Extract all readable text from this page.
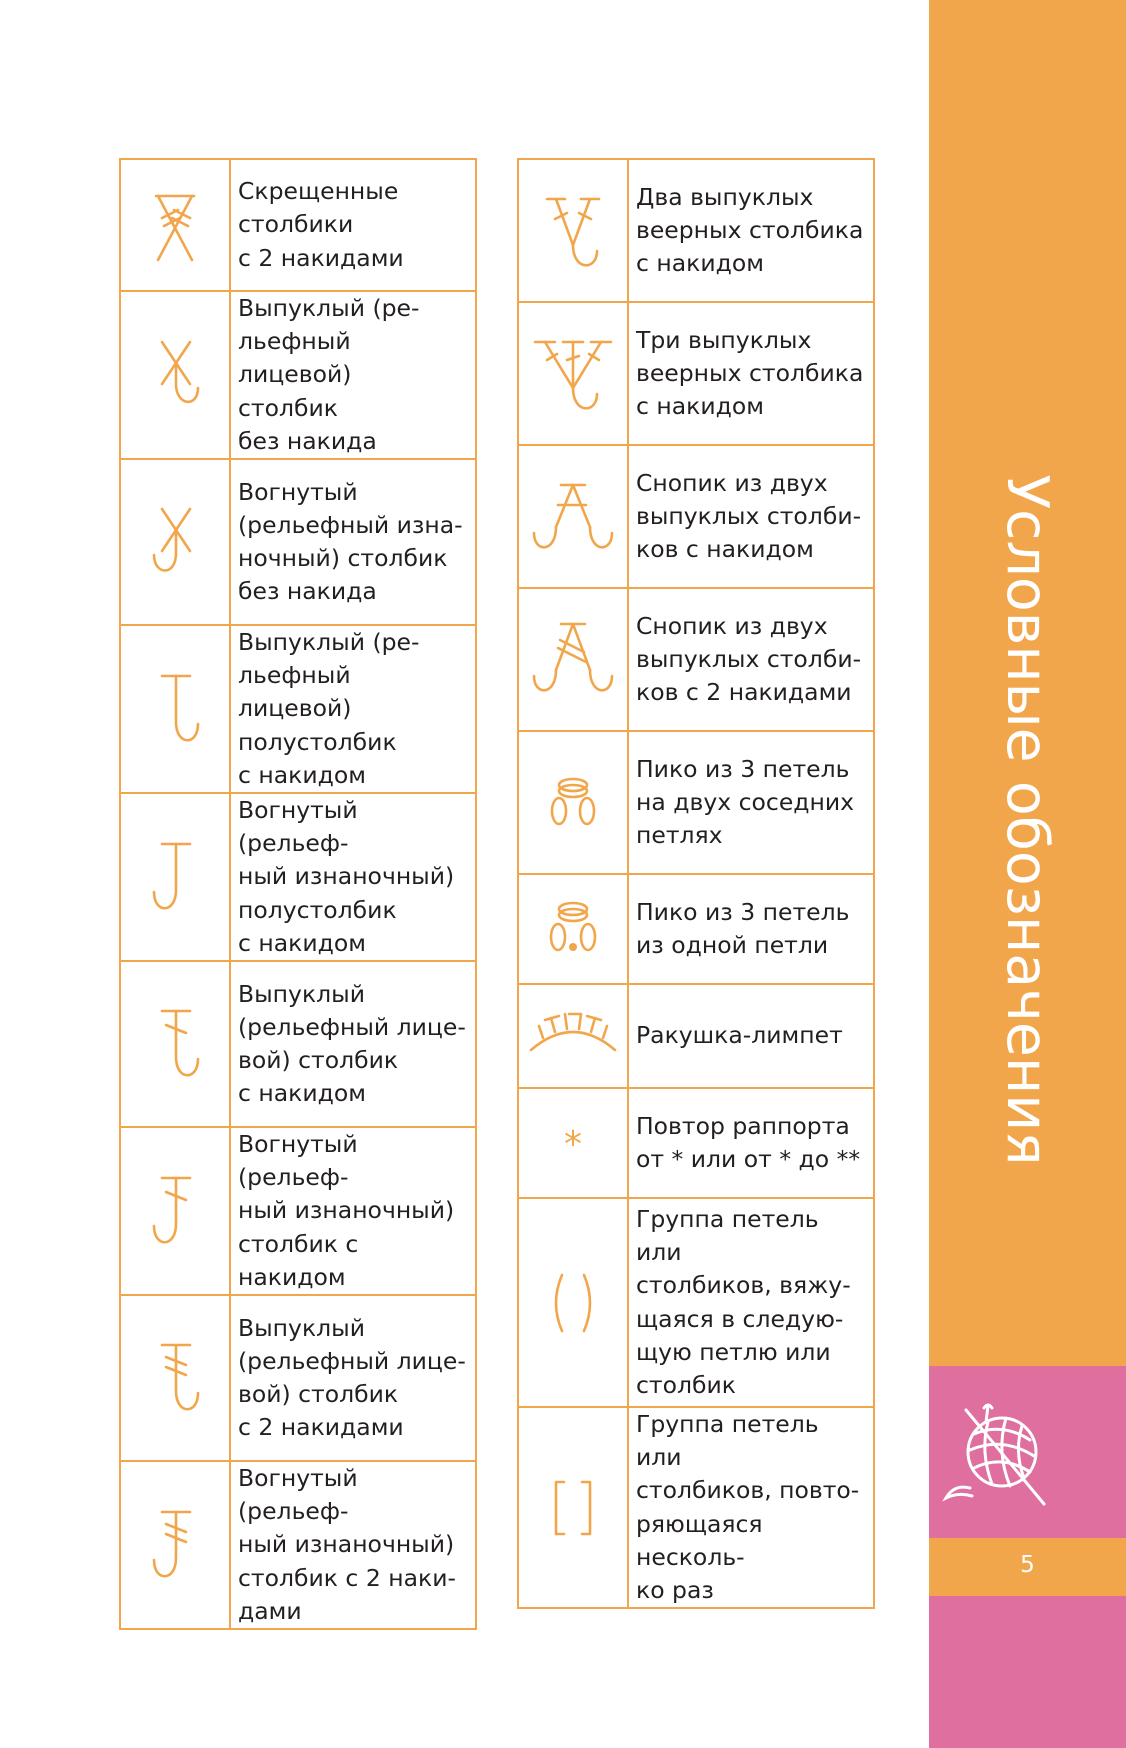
	Скрещенные
столбики
с 2 накидами

	Выпуклый (ре-
льефный лицевой)
столбик
без накида

	Вогнутый
(рельефный изна-
ночный) столбик
без накида

	Выпуклый (ре-
льефный лицевой)
полустолбик
с накидом

	Вогнутый (рельеф-
ный изнаночный)
полустолбик
с накидом

	Выпуклый
(рельефный лице-
вой) столбик
с накидом

	Вогнутый (рельеф-
ный изнаночный)
столбик с накидом

	Выпуклый
(рельефный лице-
вой) столбик
с 2 накидами

	Вогнутый (рельеф-
ный изнаночный)
столбик с 2 наки-
дами
	Два выпуклых
веерных столбика
с накидом

	Три выпуклых
веерных столбика
с накидом

	Снопик из двух
выпуклых столби-
ков с накидом

	Снопик из двух
выпуклых столби-
ков с 2 накидами

	Пико из 3 петель
на двух соседних
петлях

	Пико из 3 петель
из одной петли

	Ракушка-лимпет

*	Повтор раппорта
от * или от * до **

	Группа петель или
столбиков, вяжу-
щаяся в следую-
щую петлю или
столбик

	Группа петель или
столбиков, повто-
ряющаяся несколь-
ко раз
Условные обозначения
5
